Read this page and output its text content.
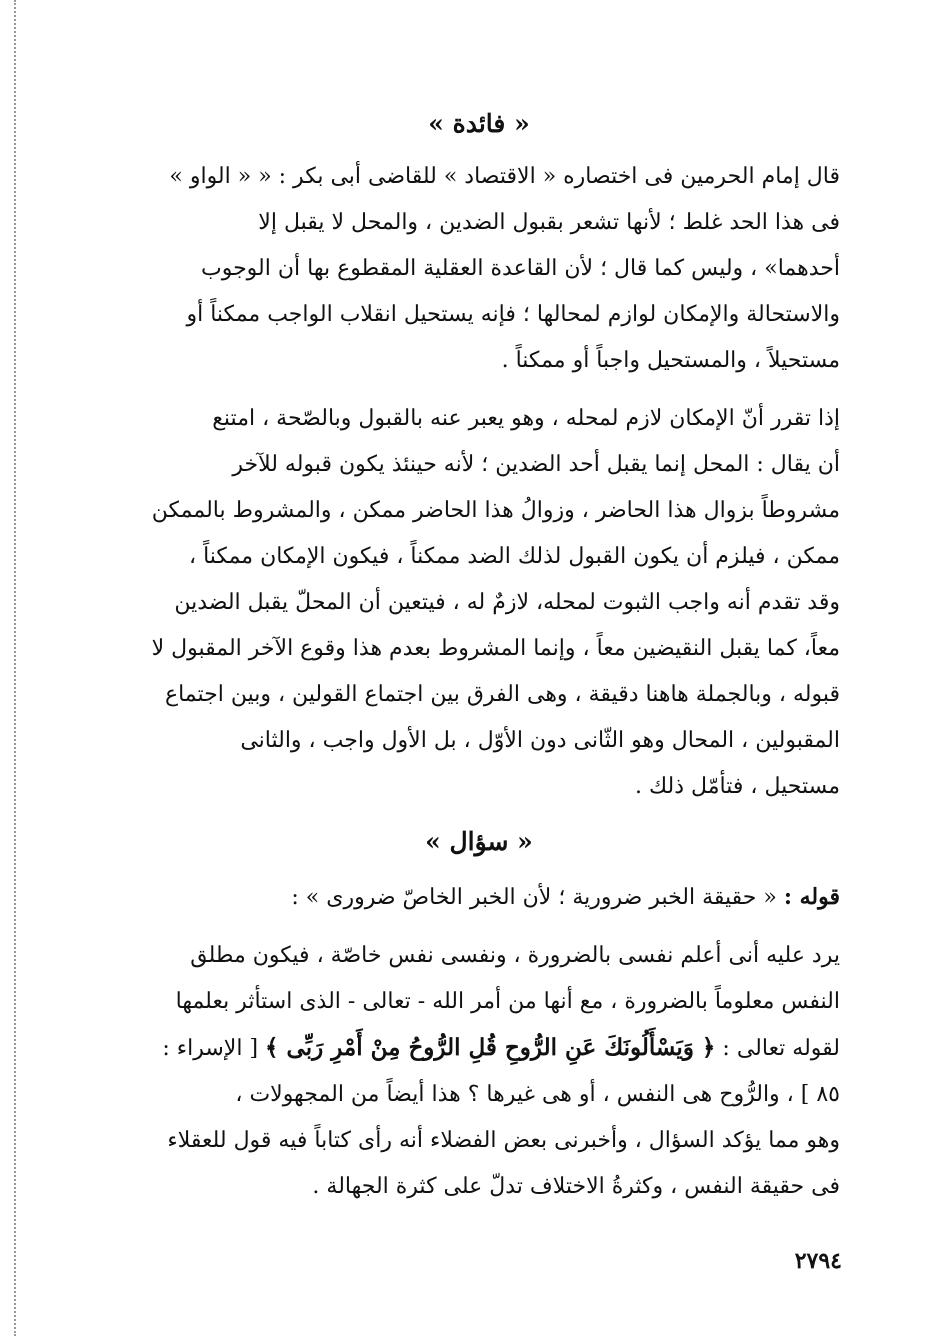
« فائدة »

قال إمام الحرمين فى اختصاره « الاقتصاد » للقاضى أبى بكر : « « الواو »
فى هذا الحد غلط ؛ لأنها تشعر بقبول الضدين ، والمحل لا يقبل إلا
أحدهما» ، وليس كما قال ؛ لأن القاعدة العقلية المقطوع بها أن الوجوب
والاستحالة والإمكان لوازم لمحالها ؛ فإنه يستحيل انقلاب الواجب ممكناً أو
مستحيلاً ، والمستحيل واجباً أو ممكناً .

إذا تقرر أنّ الإمكان لازم لمحله ، وهو يعبر عنه بالقبول وبالصّحة ، امتنع
أن يقال : المحل إنما يقبل أحد الضدين ؛ لأنه حينئذ يكون قبوله للآخر
مشروطاً بزوال هذا الحاضر ، وزوالُ هذا الحاضر ممكن ، والمشروط بالممكن
ممكن ، فيلزم أن يكون القبول لذلك الضد ممكناً ، فيكون الإمكان ممكناً ،
وقد تقدم أنه واجب الثبوت لمحله، لازمٌ له ، فيتعين أن المحلّ يقبل الضدين
معاً، كما يقبل النقيضين معاً ، وإنما المشروط بعدم هذا وقوع الآخر المقبول لا
قبوله ، وبالجملة هاهنا دقيقة ، وهى الفرق بين اجتماع القولين ، وبين اجتماع
المقبولين ، المحال وهو الثّانى دون الأوّل ، بل الأول واجب ، والثانى
مستحيل ، فتأمّل ذلك .

« سؤال »

قوله : « حقيقة الخبر ضرورية ؛ لأن الخبر الخاصّ ضرورى » :

يرد عليه أنى أعلم نفسى بالضرورة ، ونفسى نفس خاصّة ، فيكون مطلق
النفس معلوماً بالضرورة ، مع أنها من أمر الله - تعالى - الذى استأثر بعلمها
لقوله تعالى : ﴿ وَيَسْأَلُونَكَ عَنِ الرُّوحِ قُلِ الرُّوحُ مِنْ أَمْرِ رَبِّى ﴾ [ الإسراء :
٨٥ ] ، والرُّوح هى النفس ، أو هى غيرها ؟ هذا أيضاً من المجهولات ،
وهو مما يؤكد السؤال ، وأخبرنى بعض الفضلاء أنه رأى كتاباً فيه قول للعقلاء
فى حقيقة النفس ، وكثرةُ الاختلاف تدلّ على كثرة الجهالة .

٢٧٩٤
